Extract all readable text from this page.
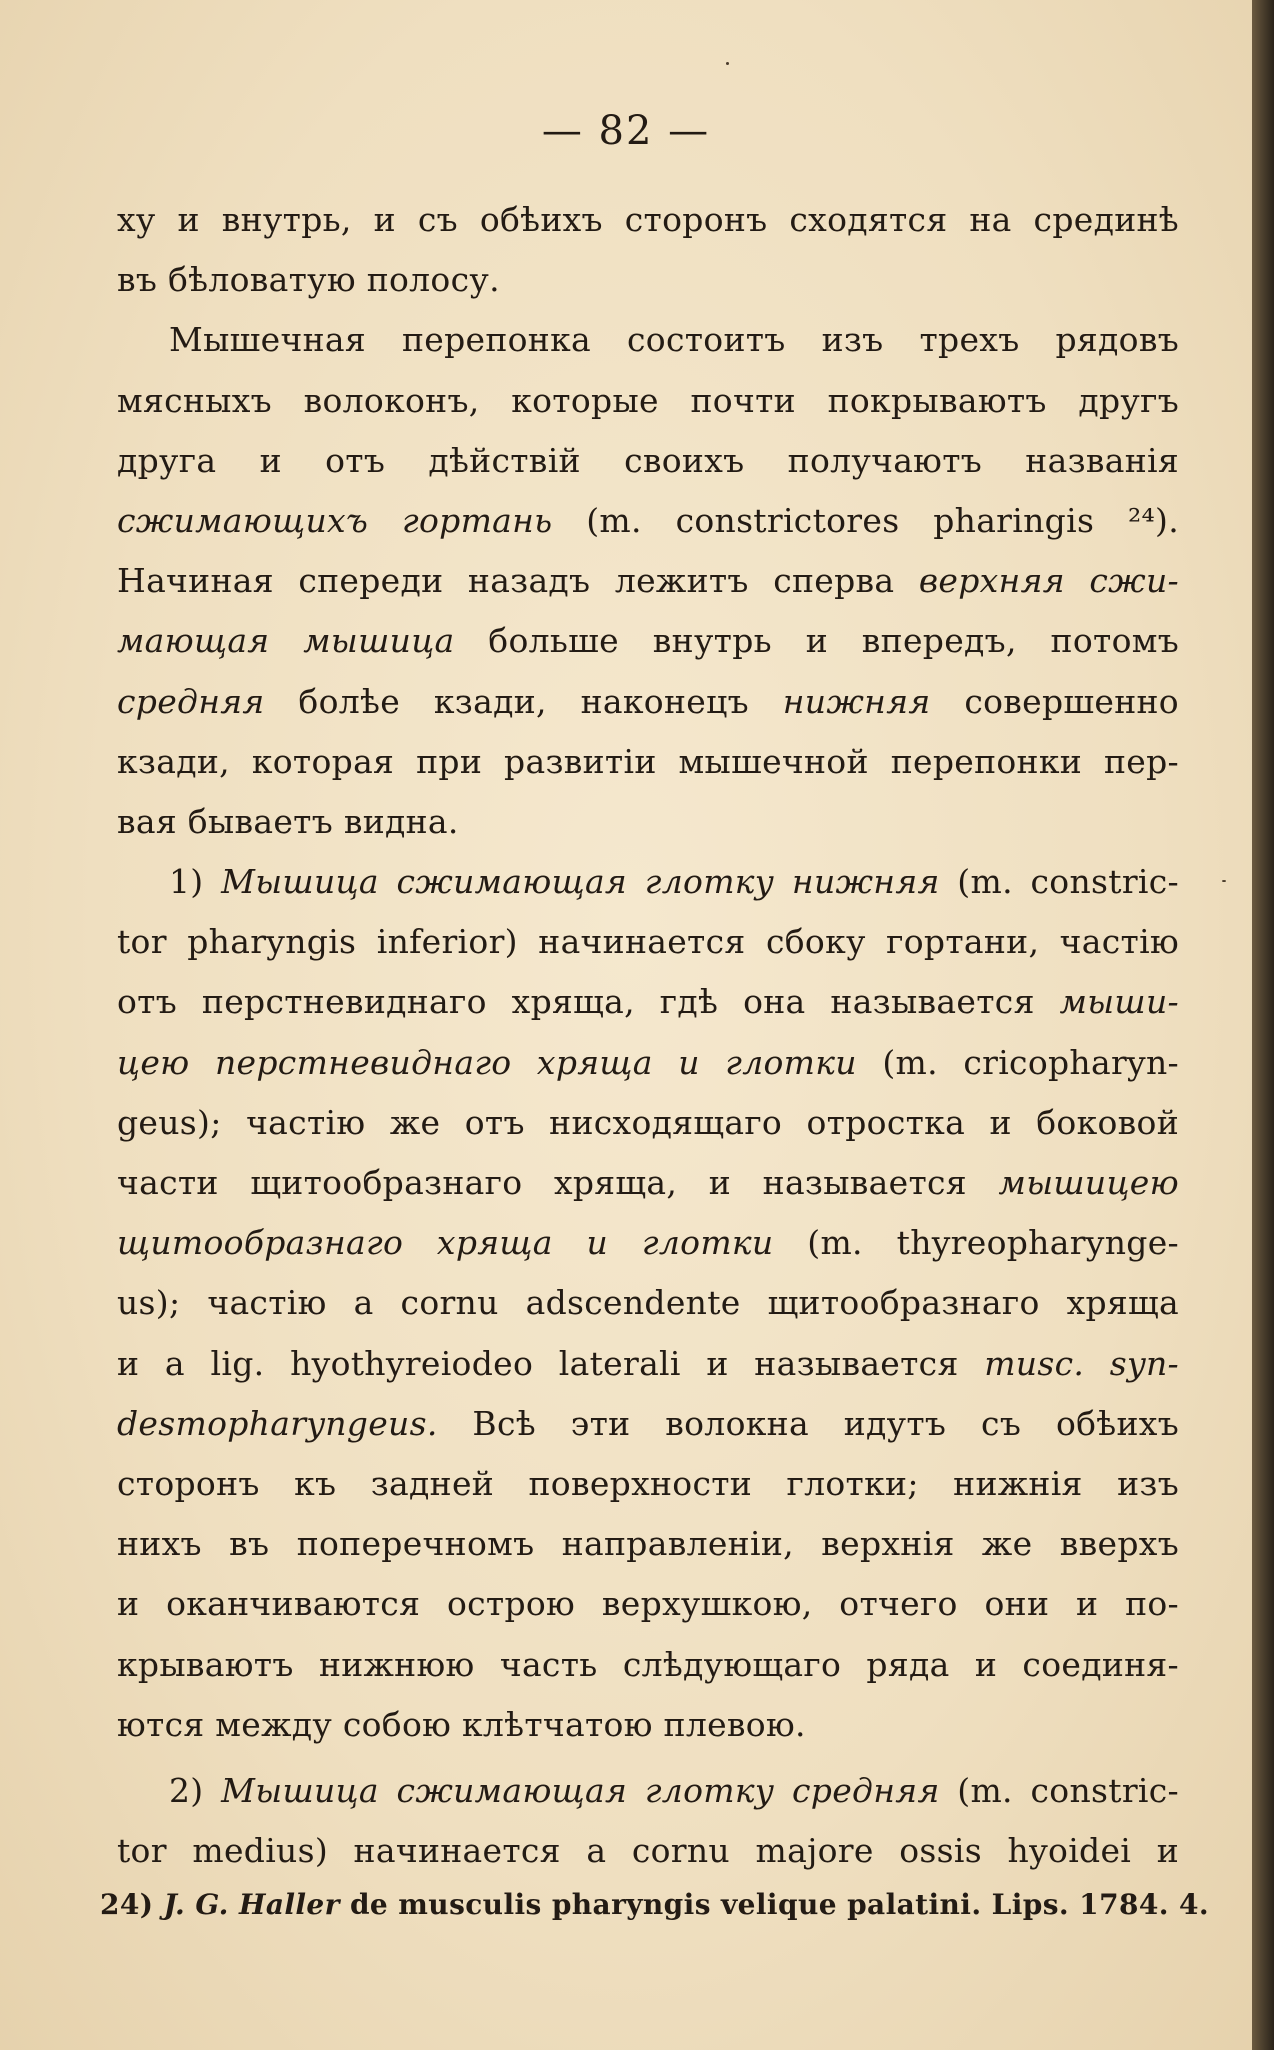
— 82 —
ху и внутрь, и съ обѣихъ сторонъ сходятся на срединѣ
въ бѣловатую полосу.
Мышечная перепонка состоитъ изъ трехъ рядовъ
мясныхъ волоконъ, которые почти покрываютъ другъ
друга и отъ дѣйствій своихъ получаютъ названія
сжимающихъ гортань (m. constrictores pharingis ²⁴).
Начиная спереди назадъ лежитъ сперва верхняя сжи-
мающая мышица больше внутрь и впередъ, потомъ
средняя болѣе кзади, наконецъ нижняя совершенно
кзади, которая при развитіи мышечной перепонки пер-
вая бываетъ видна.
1) Мышица сжимающая глотку нижняя (m. constric-
tor pharyngis inferior) начинается сбоку гортани, частію
отъ перстневиднаго хряща, гдѣ она называется мыши-
цею перстневиднаго хряща и глотки (m. cricopharyn-
geus); частію же отъ нисходящаго отростка и боковой
части щитообразнаго хряща, и называется мышицею
щитообразнаго хряща и глотки (m. thyreopharynge-
us); частію a cornu adscendente щитообразнаго хряща
и a lig. hyothyreiodeo laterali и называется musc. syn-
desmopharyngeus. Всѣ эти волокна идутъ съ обѣихъ
сторонъ къ задней поверхности глотки; нижнія изъ
нихъ въ поперечномъ направленіи, верхнія же вверхъ
и оканчиваются острою верхушкою, отчего они и по-
крываютъ нижнюю часть слѣдующаго ряда и соединя-
ются между собою клѣтчатою плевою.
2) Мышица сжимающая глотку средняя (m. constric-
tor medius) начинается a cornu majore ossis hyoidei и
24) J. G. Haller de musculis pharyngis velique palatini. Lips. 1784. 4.
